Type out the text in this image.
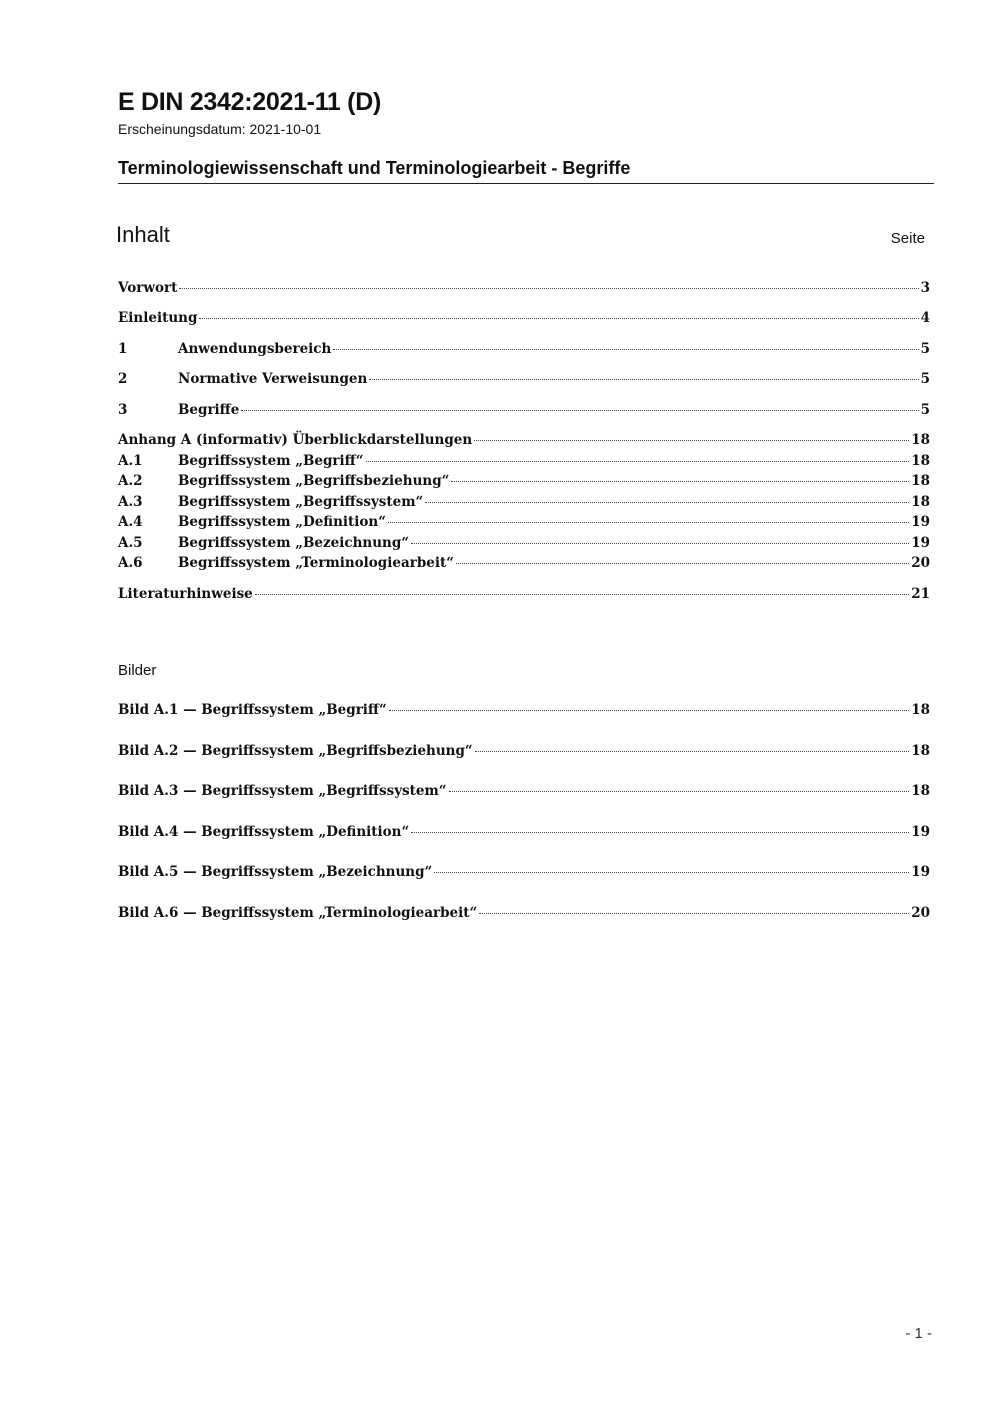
E DIN 2342:2021-11 (D)
Erscheinungsdatum: 2021-10-01
Terminologiewissenschaft und Terminologiearbeit - Begriffe
Inhalt	Seite
Vorwort	3
Einleitung	4
1	Anwendungsbereich	5
2	Normative Verweisungen	5
3	Begriffe	5
Anhang A (informativ) Überblickdarstellungen	18
A.1	Begriffssystem „Begriff“	18
A.2	Begriffssystem „Begriffsbeziehung“	18
A.3	Begriffssystem „Begriffssystem“	18
A.4	Begriffssystem „Definition“	19
A.5	Begriffssystem „Bezeichnung“	19
A.6	Begriffssystem „Terminologiearbeit“	20
Literaturhinweise	21
Bilder
Bild A.1 — Begriffssystem „Begriff“	18
Bild A.2 — Begriffssystem „Begriffsbeziehung“	18
Bild A.3 — Begriffssystem „Begriffssystem“	18
Bild A.4 — Begriffssystem „Definition“	19
Bild A.5 — Begriffssystem „Bezeichnung“	19
Bild A.6 — Begriffssystem „Terminologiearbeit“	20
- 1 -
